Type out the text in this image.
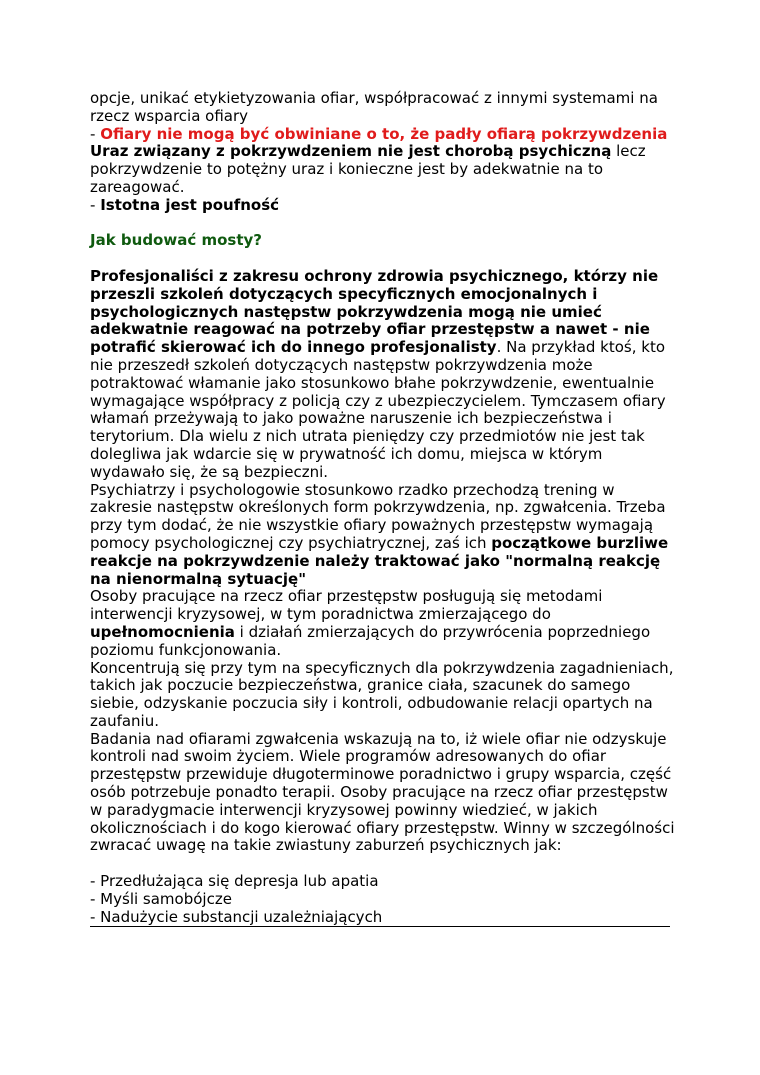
opcje, unikać etykietyzowania ofiar, współpracować z innymi systemami na rzecz wsparcia ofiary

- Ofiary nie mogą być obwiniane o to, że padły ofiarą pokrzywdzenia

Uraz związany z pokrzywdzeniem nie jest chorobą psychiczną lecz pokrzywdzenie to potężny uraz i konieczne jest by adekwatnie na to zareagować.

- Istotna jest poufność

Jak budować mosty?

Profesjonaliści z zakresu ochrony zdrowia psychicznego, którzy nie przeszli szkoleń dotyczących specyficznych emocjonalnych i psychologicznych następstw pokrzywdzenia mogą nie umieć adekwatnie reagować na potrzeby ofiar przestępstw a nawet - nie potrafić skierować ich do innego profesjonalisty. Na przykład ktoś, kto nie przeszedł szkoleń dotyczących następstw pokrzywdzenia może potraktować włamanie jako stosunkowo błahe pokrzywdzenie, ewentualnie wymagające współpracy z policją czy z ubezpieczycielem. Tymczasem ofiary włamań przeżywają to jako poważne naruszenie ich bezpieczeństwa i terytorium. Dla wielu z nich utrata pieniędzy czy przedmiotów nie jest tak dolegliwa jak wdarcie się w prywatność ich domu, miejsca w którym wydawało się, że są bezpieczni.

Psychiatrzy i psychologowie stosunkowo rzadko przechodzą trening w zakresie następstw określonych form pokrzywdzenia, np. zgwałcenia. Trzeba przy tym dodać, że nie wszystkie ofiary poważnych przestępstw wymagają pomocy psychologicznej czy psychiatrycznej, zaś ich początkowe burzliwe reakcje na pokrzywdzenie należy traktować jako "normalną reakcję na nienormalną sytuację"

Osoby pracujące na rzecz ofiar przestępstw posługują się metodami interwencji kryzysowej, w tym poradnictwa zmierzającego do upełnomocnienia i działań zmierzających do przywrócenia poprzedniego poziomu funkcjonowania.

Koncentrują się przy tym na specyficznych dla pokrzywdzenia zagadnieniach, takich jak poczucie bezpieczeństwa, granice ciała, szacunek do samego siebie, odzyskanie poczucia siły i kontroli, odbudowanie relacji opartych na zaufaniu.

Badania nad ofiarami zgwałcenia wskazują na to, iż wiele ofiar nie odzyskuje kontroli nad swoim życiem. Wiele programów adresowanych do ofiar przestępstw przewiduje długoterminowe poradnictwo i grupy wsparcia, część osób potrzebuje ponadto terapii. Osoby pracujące na rzecz ofiar przestępstw w paradygmacie interwencji kryzysowej powinny wiedzieć, w jakich okolicznościach i do kogo kierować ofiary przestępstw. Winny w szczególności zwracać uwagę na takie zwiastuny zaburzeń psychicznych jak:

- Przedłużająca się depresja lub apatia

- Myśli samobójcze

- Nadużycie substancji uzależniających
